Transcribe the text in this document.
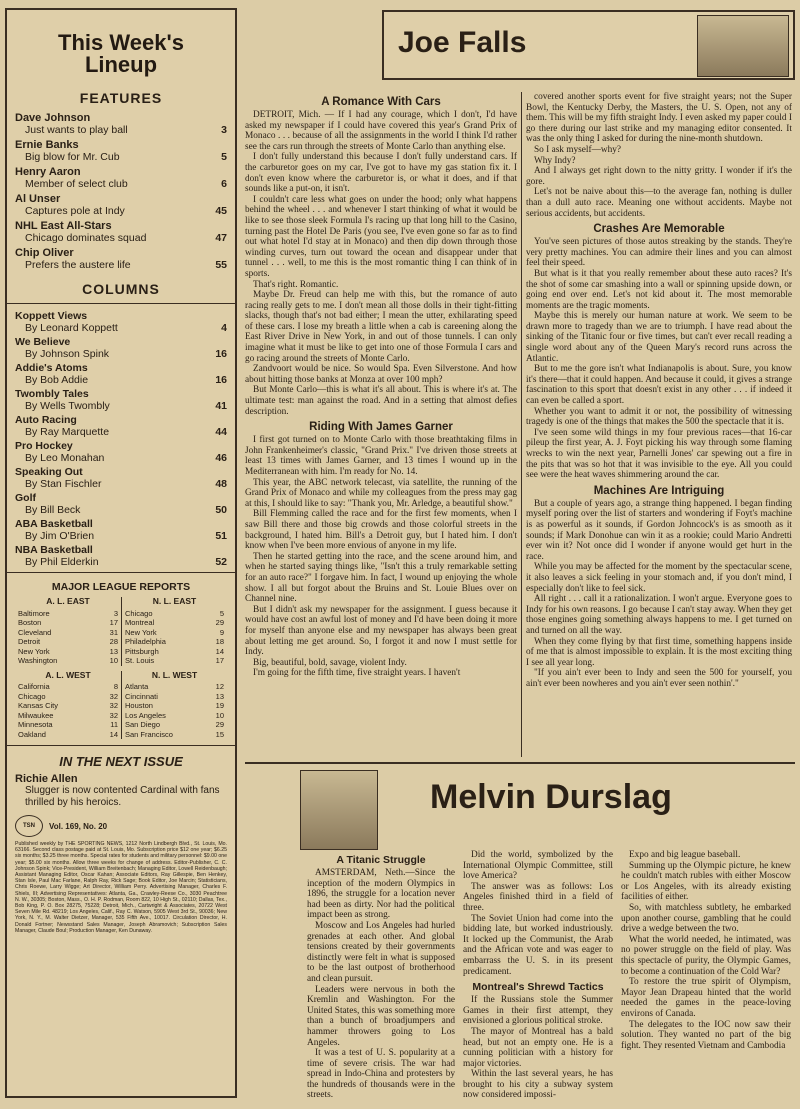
This Week's
Lineup
FEATURES
Dave Johnson
Just wants to play ball	3
Ernie Banks
Big blow for Mr. Cub	5
Henry Aaron
Member of select club	6
Al Unser
Captures pole at Indy	45
NHL East All-Stars
Chicago dominates squad	47
Chip Oliver
Prefers the austere life	55
COLUMNS
Koppett Views
By Leonard Koppett	4
We Believe
By Johnson Spink	16
Addie's Atoms
By Bob Addie	16
Twombly Tales
By Wells Twombly	41
Auto Racing
By Ray Marquette	44
Pro Hockey
By Leo Monahan	46
Speaking Out
By Stan Fischler	48
Golf
By Bill Beck	50
ABA Basketball
By Jim O'Brien	51
NBA Basketball
By Phil Elderkin	52
MAJOR LEAGUE REPORTS
A. L. EAST
Baltimore	3
Boston	17
Cleveland	31
Detroit	28
New York	13
Washington	10
N. L. EAST
Chicago	5
Montreal	29
New York	9
Philadelphia	18
Pittsburgh	14
St. Louis	17
A. L. WEST
California	8
Chicago	32
Kansas City	32
Milwaukee	32
Minnesota	11
Oakland	14
N. L. WEST
Atlanta	12
Cincinnati	13
Houston	19
Los Angeles	10
San Diego	29
San Francisco	15
IN THE NEXT ISSUE
Richie Allen
Slugger is now contented Cardinal with fans thrilled by his heroics.
TSN	Vol. 169, No. 20
Published weekly by THE SPORTING NEWS, 1212 North Lindbergh Blvd., St. Louis, Mo. 63166. Second class postage paid at St. Louis, Mo. Subscription price $12 one year; $6.25 six months; $3.25 three months. Special rates for students and military personnel: $9.00 one year; $5.00 six months. Allow three weeks for change of address. Editor-Publisher, C. C. Johnson Spink; Vice-President, William Breitenbach; Managing Editor, Lowell Reidenbaugh; Assistant Managing Editor, Oscar Kahan; Associate Editors, Ray Gillespie, Ben Henkey, Stan Isle, Paul Mac Farlane, Ralph Ray, Rick Sage; Book Editor, Joe Marcin; Statisticians, Chris Roewe, Larry Wigge; Art Director, William Perry. Advertising Manager, Charles F. Shiels, III; Advertising Representatives: Atlanta, Ga., Crawley-Reese Co., 3030 Peachtree N. W., 30305; Boston, Mass., O. H. P. Rodman, Room 822, 10 High St., 02110; Dallas, Tex., Bob King, P. O. Box 28275, 75228; Detroit, Mich., Cartwright & Associates, 20722 West Seven Mile Rd. 48219; Los Angeles, Calif., Ray C. Watson, 5905 West 3rd St., 90036; New York, N. Y., M. Walter Dietzer, Manager, 535 Fifth Ave., 10017. Circulation Director, H. Donald Fortner; Newsstand Sales Manager, Joseph Abramovich; Subscription Sales Manager, Claude Boul; Production Manager, Ken Dunaway.
Joe Falls
A Romance With Cars

DETROIT, Mich. — If I had any courage, which I don't, I'd have asked my newspaper if I could have covered this year's Grand Prix of Monaco . . . because of all the assignments in the world I think I'd rather see the cars run through the streets of Monte Carlo than anything else.

I don't fully understand this because I don't fully understand cars. If the carburetor goes on my car, I've got to have my gas station fix it. I don't even know where the carburetor is, or what it does, and if that sounds like a put-on, it isn't.

I couldn't care less what goes on under the hood; only what happens behind the wheel . . . and whenever I start thinking of what it would be like to see those sleek Formula I's racing up that long hill to the Casino, turning past the Hotel De Paris (you see, I've even gone so far as to find out what hotel I'd stay at in Monaco) and then dip down through those winding curves, turn out toward the ocean and disappear under that tunnel . . . well, to me this is the most romantic thing I can think of in sports.

That's right. Romantic.

Maybe Dr. Freud can help me with this, but the romance of auto racing really gets to me. I don't mean all those dolls in their tight-fitting slacks, though that's not bad either; I mean the utter, exhilarating speed of these cars. I lose my breath a little when a cab is careening along the East River Drive in New York, in and out of those tunnels. I can only imagine what it must be like to get into one of those Formula I cars and go racing around the streets of Monte Carlo.

Zandvoort would be nice. So would Spa. Even Silverstone. And how about hitting those banks at Monza at over 100 mph?

But Monte Carlo—this is what it's all about. This is where it's at. The ultimate test: man against the road. And in a setting that almost defies description.

Riding With James Garner

I first got turned on to Monte Carlo with those breathtaking films in John Frankenheimer's classic, "Grand Prix." I've driven those streets at least 13 times with James Garner, and 13 times I wound up in the Mediterranean with him. I'm ready for No. 14.

This year, the ABC network telecast, via satellite, the running of the Grand Prix of Monaco and while my colleagues from the press may gag at this, I should like to say: "Thank you, Mr. Arledge, a beautiful show."

Bill Flemming called the race and for the first few moments, when I saw Bill there and those big crowds and those colorful streets in the background, I hated him. Bill's a Detroit guy, but I hated him. I don't know when I've been more envious of anyone in my life.

Then he started getting into the race, and the scene around him, and when he started saying things like, "Isn't this a truly remarkable setting for an auto race?" I forgave him. In fact, I wound up enjoying the whole show. I all but forgot about the Bruins and St. Louie Blues over on Channel nine.

But I didn't ask my newspaper for the assignment. I guess because it would have cost an awful lost of money and I'd have been doing it more for myself than anyone else and my newspaper has always been great about letting me get around. So, I forgot it and now I must settle for Indy.

Big, beautiful, bold, savage, violent Indy.

I'm going for the fifth time, five straight years. I haven't

covered another sports event for five straight years; not the Super Bowl, the Kentucky Derby, the Masters, the U. S. Open, not any of them. This will be my fifth straight Indy. I even asked my paper could I go there during our last strike and my managing editor consented. It was the only thing I asked for during the nine-month shutdown.

So I ask myself—why?

Why Indy?

And I always get right down to the nitty gritty. I wonder if it's the gore.

Let's not be naive about this—to the average fan, nothing is duller than a dull auto race. Meaning one without accidents. Maybe not serious accidents, but accidents.

Crashes Are Memorable

You've seen pictures of those autos streaking by the stands. They're very pretty machines. You can admire their lines and you can almost feel their speed.

But what is it that you really remember about these auto races? It's the shot of some car smashing into a wall or spinning upside down, or going end over end. Let's not kid about it. The most memorable moments are the tragic moments.

Maybe this is merely our human nature at work. We seem to be drawn more to tragedy than we are to triumph. I have read about the sinking of the Titanic four or five times, but can't ever recall reading a single word about any of the Queen Mary's record runs across the Atlantic.

But to me the gore isn't what Indianapolis is about. Sure, you know it's there—that it could happen. And because it could, it gives a strange fascination to this sport that doesn't exist in any other . . . if indeed it can even be called a sport.

Whether you want to admit it or not, the possibility of witnessing tragedy is one of the things that makes the 500 the spectacle that it is.

I've seen some wild things in my four previous races—that 16-car pileup the first year, A. J. Foyt picking his way through some flaming wrecks to win the next year, Parnelli Jones' car spewing out a fire in the pits that was so hot that it was invisible to the eye. All you could see were the heat waves shimmering around the car.

Machines Are Intriguing

But a couple of years ago, a strange thing happened. I began finding myself poring over the list of starters and wondering if Foyt's machine is as powerful as it sounds, if Gordon Johncock's is as smooth as it sounds; if Mark Donohue can win it as a rookie; could Mario Andretti ever win it? Not once did I wonder if anyone would get hurt in the race.

While you may be affected for the moment by the spectacular scene, it also leaves a sick feeling in your stomach and, if you don't mind, I especially don't like to feel sick.

All right . . . call it a rationalization. I won't argue. Everyone goes to Indy for his own reasons. I go because I can't stay away. When they get those engines going something always happens to me. I get turned on and turned on all the way.

When they come flying by that first time, something happens inside of me that is almost impossible to explain. It is the most exciting thing I see all year long.

"If you ain't ever been to Indy and seen the 500 for yourself, you ain't ever been nowheres and you ain't ever seen nothin'."

Melvin Durslag
A Titanic Struggle

AMSTERDAM, Neth.—Since the inception of the modern Olympics in 1896, the struggle for a location never had been as dirty. Nor had the political impact been as strong.

Moscow and Los Angeles had hurled grenades at each other. And global tensions created by their governments distinctly were felt in what is supposed to be the last outpost of brotherhood and clean pursuit.

Leaders were nervous in both the Kremlin and Washington. For the United States, this was something more than a bunch of broadjumpers and hammer throwers going to Los Angeles.

It was a test of U. S. popularity at a time of severe crisis. The war had spread in Indo-China and protesters by the hundreds of thousands were in the streets.

Did the world, symbolized by the International Olympic Committee, still love America?

The answer was as follows: Los Angeles finished third in a field of three.

The Soviet Union had come into the bidding late, but worked industriously. It locked up the Communist, the Arab and the African vote and was eager to embarrass the U. S. in its present predicament.

Montreal's Shrewd Tactics

If the Russians stole the Summer Games in their first attempt, they envisioned a glorious political stroke.

The mayor of Montreal has a bald head, but not an empty one. He is a cunning politician with a history for major victories.

Within the last several years, he has brought to his city a subway system now considered impossi-

Expo and big league baseball.

Summing up the Olympic picture, he knew he couldn't match rubles with either Moscow or Los Angeles, with its already existing facilities of either.

So, with matchless subtlety, he embarked upon another course, gambling that he could drive a wedge between the two.

What the world needed, he intimated, was no power struggle on the field of play. Was this spectacle of purity, the Olympic Games, to become a continuation of the Cold War?

To restore the true spirit of Olympism, Mayor Jean Drapeau hinted that the world needed the games in the peace-loving environs of Canada.

The delegates to the IOC now saw their solution. They wanted no part of the big fight. They resented Vietnam and Cambodia
